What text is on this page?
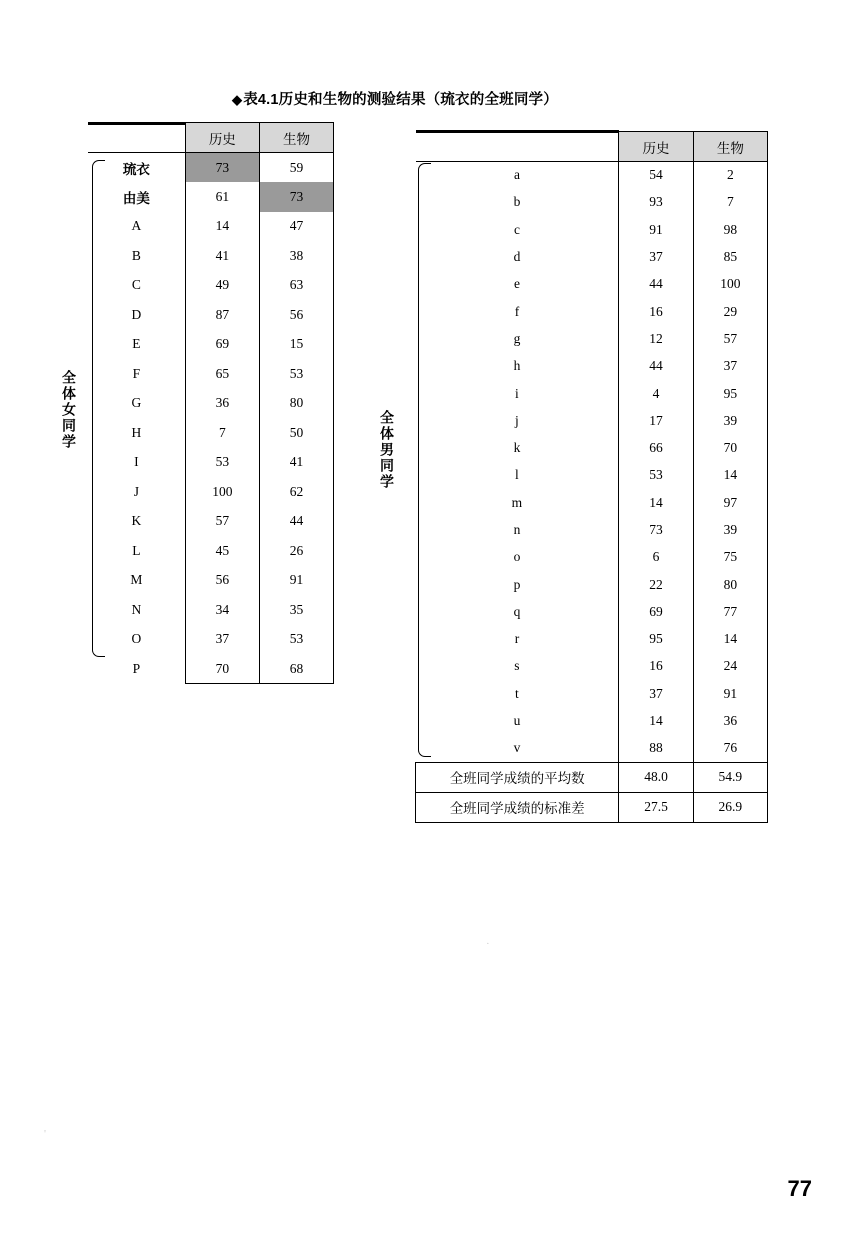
◆表4.1历史和生物的测验结果（琉衣的全班同学）
	历史	生物
琉衣	73	59
由美	61	73
A	14	47
B	41	38
C	49	63
D	87	56
E	69	15
F	65	53
G	36	80
H	7	50
I	53	41
J	100	62
K	57	44
L	45	26
M	56	91
N	34	35
O	37	53
P	70	68
全体女同学
	历史	生物
a	54	2
b	93	7
c	91	98
d	37	85
e	44	100
f	16	29
g	12	57
h	44	37
i	4	95
j	17	39
k	66	70
l	53	14
m	14	97
n	73	39
o	6	75
p	22	80
q	69	77
r	95	14
s	16	24
t	37	91
u	14	36
v	88	76
全班同学成绩的平均数	48.0	54.9
全班同学成绩的标准差	27.5	26.9
全体男同学
·
'
77
